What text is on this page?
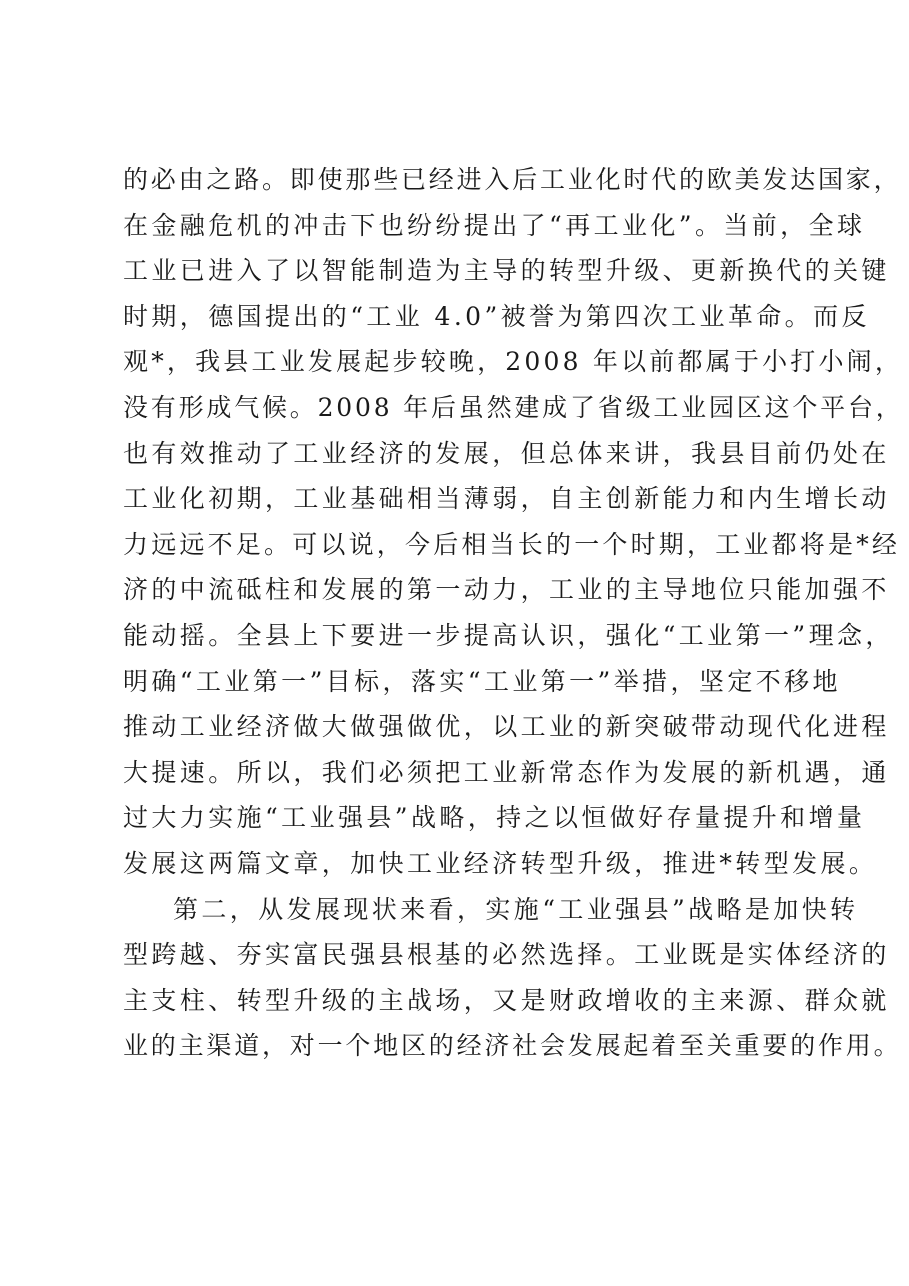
的必由之路。即使那些已经进入后工业化时代的欧美发达国家，
在金融危机的冲击下也纷纷提出了“再工业化”。当前，全球
工业已进入了以智能制造为主导的转型升级、更新换代的关键
时期，德国提出的“工业 4.0”被誉为第四次工业革命。而反
观*，我县工业发展起步较晚，2008 年以前都属于小打小闹，
没有形成气候。2008 年后虽然建成了省级工业园区这个平台，
也有效推动了工业经济的发展，但总体来讲，我县目前仍处在
工业化初期，工业基础相当薄弱，自主创新能力和内生增长动
力远远不足。可以说，今后相当长的一个时期，工业都将是*经
济的中流砥柱和发展的第一动力，工业的主导地位只能加强不
能动摇。全县上下要进一步提高认识，强化“工业第一”理念，
明确“工业第一”目标，落实“工业第一”举措，坚定不移地
推动工业经济做大做强做优，以工业的新突破带动现代化进程
大提速。所以，我们必须把工业新常态作为发展的新机遇，通
过大力实施“工业强县”战略，持之以恒做好存量提升和增量
发展这两篇文章，加快工业经济转型升级，推进*转型发展。
第二，从发展现状来看，实施“工业强县”战略是加快转
型跨越、夯实富民强县根基的必然选择。工业既是实体经济的
主支柱、转型升级的主战场，又是财政增收的主来源、群众就
业的主渠道，对一个地区的经济社会发展起着至关重要的作用。
